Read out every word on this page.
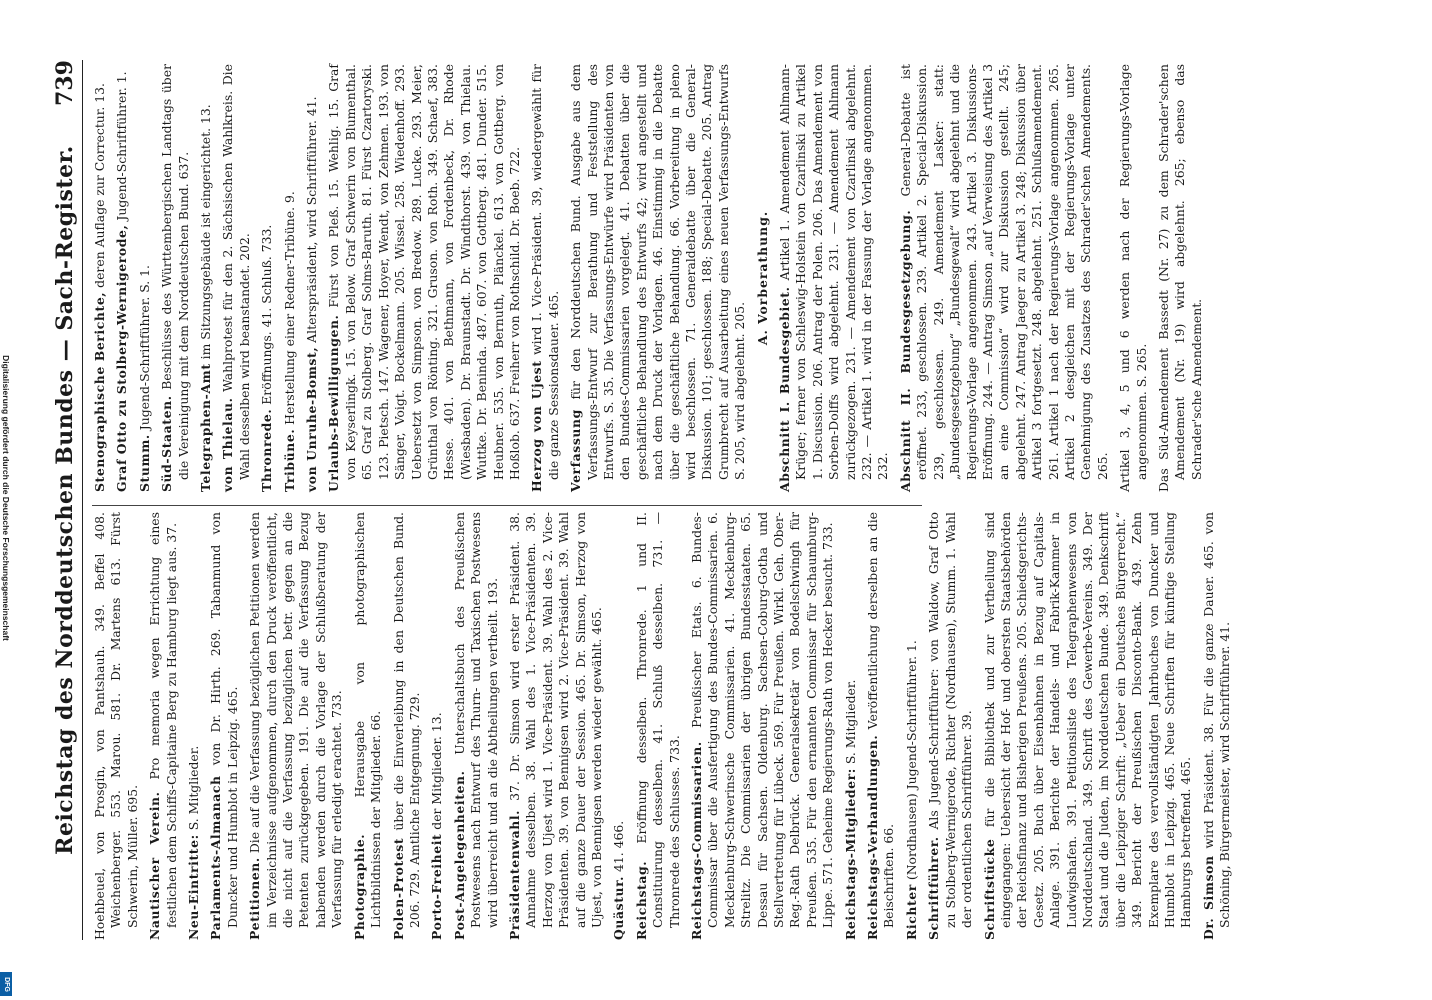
Reichstag des Norddeutschen Bundes — Sach-Register.
739

Hoehbeuel, von Prosgin, von Pantshauh. 349. Beffel 408. Weichenberger. 553. Marou. 581. Dr. Martens 613. Fürst Schwerin, Müller. 695. Nautischer Verein. Pro memoria wegen Errichtung eines festlichen dem Schiffs-Capitaine Berg zu Hamburg liegt aus. 37. Neu-Eintritte: S. Mitglieder. Parlaments-Almanach von Dr. Hirth. 269. Tabanmund von Duncker und Humblot in Leipzig. 465. Petitionen. Die auf die Verfassung bezüglichen Petitionen werden im Verzeichnisse aufgenommen, durch den Druck veröffentlicht, die nicht auf die Verfassung bezüglichen betr. gegen an die Petenten zurückgegeben. 191. Die auf die Verfassung Bezug habenden werden durch die Vorlage der Schlußberatung der Verfassung für erledigt erachtet. 733. Photographie. Herausgabe von photographischen Lichtbildnissen der Mitglieder. 66. Polen-Protest über die Einverleibung in den Deutschen Bund. 206. 729. Amtliche Entgegnung. 729. Porto-Freiheit der Mitglieder. 13. Post-Angelegenheiten. Unterschaltsbuch des Preußischen Postwesens nach Entwurf des Thurn- und Taxischen Postwesens wird überreicht und an die Abtheilungen vertheilt. 193. Präsidentenwahl. 37. Dr. Simson wird erster Präsident. 38. Annahme desselben. 38. Wahl des 1. Vice-Präsidenten. 39. Herzog von Ujest wird 1. Vice-Präsident. 39. Wahl des 2. Vice-Präsidenten. 39. von Bennigsen wird 2. Vice-Präsident. 39. Wahl auf die ganze Dauer der Session. 465. Dr. Simson, Herzog von Ujest, von Bennigsen werden wieder gewählt. 465. Quästur. 41. 466.

Reichstag. Eröffnung desselben. Thronrede. 1 und II. Constituirung desselben. 41. Schluß desselben. 731. — Thronrede des Schlusses. 733. Reichstags-Commissarien. Preußischer Etats. 6. Bundes-Commissar über die Ausfertigung des Bundes-Commissarien. 6. Mecklenburg-Schwerinsche Commissarien. 41. Mecklenburg-Strelitz. Die Commissarien der übrigen Bundesstaaten. 65. Dessau für Sachsen. Oldenburg. Sachsen-Coburg-Gotha und Stellvertretung für Lübeck. 569. Für Preußen. Wirkl. Geh. Ober-Reg.-Rath Delbrück. Generalsekretär von Bodelschwingh für Preußen. 535. Für den ernannten Commissar für Schaumburg-Lippe. 571. Geheime Regierungs-Rath von Hecker besucht. 733. Reichstags-Mitglieder: S. Mitglieder.

Reichstags-Verhandlungen. Veröffentlichung derselben an die Beischriften. 66. Richter (Nordhausen) Jugend-Schriftführer. 1.

Schriftführer. Als Jugend-Schriftführer: von Waldow, Graf Otto zu Stolberg-Wernigerode, Richter (Nordhausen), Stumm. 1. Wahl der ordentlichen Schriftführer. 39. Schriftstücke für die Bibliothek und zur Vertheilung sind eingegangen: Uebersicht der Hof- und obersten Staatsbehörden der Reichsfinanz und Bisherigen Preußens. 205. Schiedsgerichts-Gesetz. 205. Buch über Eisenbahnen in Bezug auf Capitals-Anlage. 391. Berichte der Handels- und Fabrik-Kammer in Ludwigshafen. 391. Petitionsliste des Telegraphenwesens von Norddeutschland. 349. Schrift des Gewerbe-Vereins. 349. Der Staat und die Juden, im Norddeutschen Bunde. 349. Denkschrift über die Leipziger Schrift: „Ueber ein Deutsches Bürgerrecht.“ 349. Bericht der Preußischen Disconto-Bank. 439. Zehn Exemplare des vervollständigten Jahrbuches von Duncker und Humblot in Leipzig. 465. Neue Schriften für künftige Stellung Hamburgs betreffend. 465. Dr. Simson wird Präsident. 38. Für die ganze Dauer. 465. von Schöning, Bürgermeister, wird Schriftführer. 41.

Stenographische Berichte, deren Auflage zur Correctur. 13.

Graf Otto zu Stolberg-Wernigerode, Jugend-Schriftführer. 1.

Stumm. Jugend-Schriftführer. S. 1.

Süd-Staaten. Beschlüsse des Württembergischen Landtags über die Vereinigung mit dem Norddeutschen Bund. 637. Telegraphen-Amt im Sitzungsgebäude ist eingerichtet. 13.

von Thielau. Wahlprotest für den 2. Sächsischen Wahlkreis. Die Wahl desselben wird beanstandet. 202. Thronrede. Eröffnungs. 41. Schluß. 733.

Tribüne. Herstellung einer Redner-Tribüne. 9. von Unruhe-Bomst, Alterspräsident, wird Schriftführer. 41.

Urlaubs-Bewilligungen. Fürst von Pleß. 15. Wehlig. 15. Graf von Keyserlingk. 15. von Below. Graf Schwerin von Blumenthal. 65. Graf zu Stolberg. Graf Solms-Baruth. 81. Fürst Czartoryski. 123. Pietsch. 147. Wagener, Hoyer, Wendt, von Zehmen. 193. von Sänger, Voigt. Bockelmann. 205. Wissel. 258. Wiedenhoff. 293. Uebersetzt von Simpson. von Bredow. 289. Lucke. 293. Meier, Grünthal von Rönting. 321. Gruson. von Roth. 349. Schaef, 383. Hesse. 401. von Bethmann, von Fordenbeck, Dr. Rhode (Wiesbaden). Dr. Braunstadt. Dr. Windthorst. 439. von Thielau. Wuttke. Dr. Beninda. 487. 607. von Gottberg. 481. Dunder. 515. Heubner. 535. von Bernuth, Plänckel. 613. von Gottberg. von Hoßlob. 637. Freiherr von Rothschild. Dr. Boeb. 722. Herzog von Ujest wird I. Vice-Präsident. 39, wiedergewählt für die ganze Sessionsdauer. 465. Verfassung für den Norddeutschen Bund. Ausgabe aus dem Verfassungs-Entwurf zur Berathung und Feststellung des Entwurfs. S. 35. Die Verfassungs-Entwürfe wird Präsidenten von den Bundes-Commissarien vorgelegt. 41. Debatten über die geschäftliche Behandlung des Entwurfs 42; wird angestellt und nach dem Druck der Vorlagen. 46. Einstimmig in die Debatte über die geschäftliche Behandlung. 66. Vorbereitung in pleno wird beschlossen. 71. Generaldebatte über die General-Diskussion. 101; geschlossen. 188; Special-Debatte. 205. Antrag Grumbrecht auf Ausarbeitung eines neuen Verfassungs-Entwurfs S. 205, wird abgelehnt. 205.

A. Vorberathung.

Abschnitt I. Bundesgebiet. Artikel 1. Amendement Ahlmann-Krüger; ferner von Schleswig-Holstein von Czarlinski zu Artikel 1. Discussion. 206. Antrag der Polen. 206. Das Amendement von Sorben-Dolffs wird abgelehnt. 231. — Amendement Ahlmann zurückgezogen. 231. — Amendement von Czarlinski abgelehnt. 232. — Artikel 1. wird in der Fassung der Vorlage angenommen. 232. Abschnitt II. Bundesgesetzgebung. General-Debatte ist eröffnet. 233, geschlossen. 239. Artikel 2. Special-Diskussion. 239, geschlossen. 249. Amendement Lasker: statt: „Bundesgesetzgebung“ „Bundesgewalt“ wird abgelehnt und die Regierungs-Vorlage angenommen. 243. Artikel 3. Diskussions-Eröffnung. 244. — Antrag Simson „auf Verweisung des Artikel 3 an eine Commission“ wird zur Diskussion gestellt. 245; abgelehnt. 247. Antrag Jaeger zu Artikel 3. 248; Diskussion über Artikel 3 fortgesetzt. 248. abgelehnt. 251. Schlußamendement. 261. Artikel 1 nach der Regierungs-Vorlage angenommen. 265. Artikel 2 desgleichen mit der Regierungs-Vorlage unter Genehmigung des Zusatzes des Schrader'schen Amendements. 265. Artikel 3, 4, 5 und 6 werden nach der Regierungs-Vorlage angenommen. S. 265. Das Süd-Amendement Bassedt (Nr. 27) zu dem Schrader'schen Amendement (Nr. 19) wird abgelehnt. 265; ebenso das Schrader'sche Amendement.

Digitalisierung gefördert durch die Deutsche Forschungsgemeinschaft
DFG
